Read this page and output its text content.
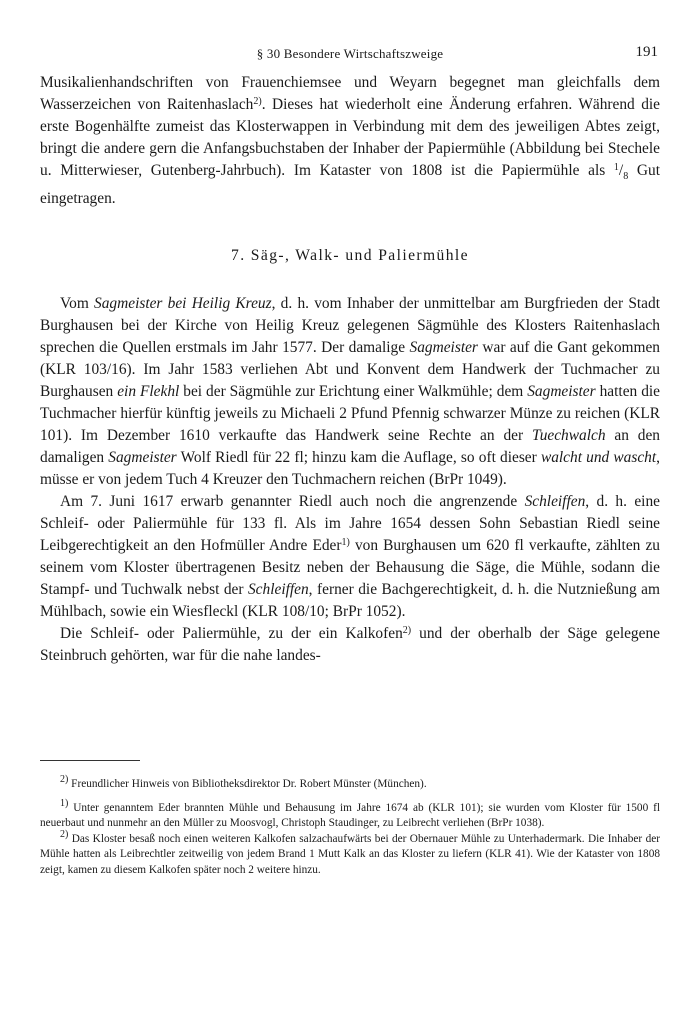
§ 30 Besondere Wirtschaftszweige	191

Musikalienhandschriften von Frauenchiemsee und Weyarn begegnet man gleichfalls dem Wasserzeichen von Raitenhaslach$^{2)}$. Dieses hat wiederholt eine Änderung erfahren. Während die erste Bogenhälfte zumeist das Klosterwappen in Verbindung mit dem des jeweiligen Abtes zeigt, bringt die andere gern die Anfangsbuchstaben der Inhaber der Papiermühle (Abbildung bei Stechele u. Mitterwieser, Gutenberg-Jahrbuch). Im Kataster von 1808 ist die Papiermühle als $^1/_8$ Gut eingetragen.

7. Säg-, Walk- und Paliermühle

Vom Sagmeister bei Heilig Kreuz, d. h. vom Inhaber der unmittelbar am Burgfrieden der Stadt Burghausen bei der Kirche von Heilig Kreuz gelegenen Sägmühle des Klosters Raitenhaslach sprechen die Quellen erstmals im Jahr 1577. Der damalige Sagmeister war auf die Gant gekommen (KLR 103/16). Im Jahr 1583 verliehen Abt und Konvent dem Handwerk der Tuchmacher zu Burghausen ein Flekhl bei der Sägmühle zur Erichtung einer Walkmühle; dem Sagmeister hatten die Tuchmacher hierfür künftig jeweils zu Michaeli 2 Pfund Pfennig schwarzer Münze zu reichen (KLR 101). Im Dezember 1610 verkaufte das Handwerk seine Rechte an der Tuechwalch an den damaligen Sagmeister Wolf Riedl für 22 fl; hinzu kam die Auflage, so oft dieser walcht und wascht, müsse er von jedem Tuch 4 Kreuzer den Tuchmachern reichen (BrPr 1049).

Am 7. Juni 1617 erwarb genannter Riedl auch noch die angrenzende Schleiffen, d. h. eine Schleif- oder Paliermühle für 133 fl. Als im Jahre 1654 dessen Sohn Sebastian Riedl seine Leibgerechtigkeit an den Hofmüller Andre Eder$^{1)}$ von Burghausen um 620 fl verkaufte, zählten zu seinem vom Kloster übertragenen Besitz neben der Behausung die Säge, die Mühle, sodann die Stampf- und Tuchwalk nebst der Schleiffen, ferner die Bachgerechtigkeit, d. h. die Nutznießung am Mühlbach, sowie ein Wiesfleckl (KLR 108/10; BrPr 1052).

Die Schleif- oder Paliermühle, zu der ein Kalkofen$^{2)}$ und der oberhalb der Säge gelegene Steinbruch gehörten, war für die nahe landes-

$^{2)}$ Freundlicher Hinweis von Bibliotheksdirektor Dr. Robert Münster (München).

$^{1)}$ Unter genanntem Eder brannten Mühle und Behausung im Jahre 1674 ab (KLR 101); sie wurden vom Kloster für 1500 fl neuerbaut und nunmehr an den Müller zu Moosvogl, Christoph Staudinger, zu Leibrecht verliehen (BrPr 1038).

$^{2)}$ Das Kloster besaß noch einen weiteren Kalkofen salzachaufwärts bei der Obernauer Mühle zu Unterhadermark. Die Inhaber der Mühle hatten als Leibrechtler zeitweilig von jedem Brand 1 Mutt Kalk an das Kloster zu liefern (KLR 41). Wie der Kataster von 1808 zeigt, kamen zu diesem Kalkofen später noch 2 weitere hinzu.
